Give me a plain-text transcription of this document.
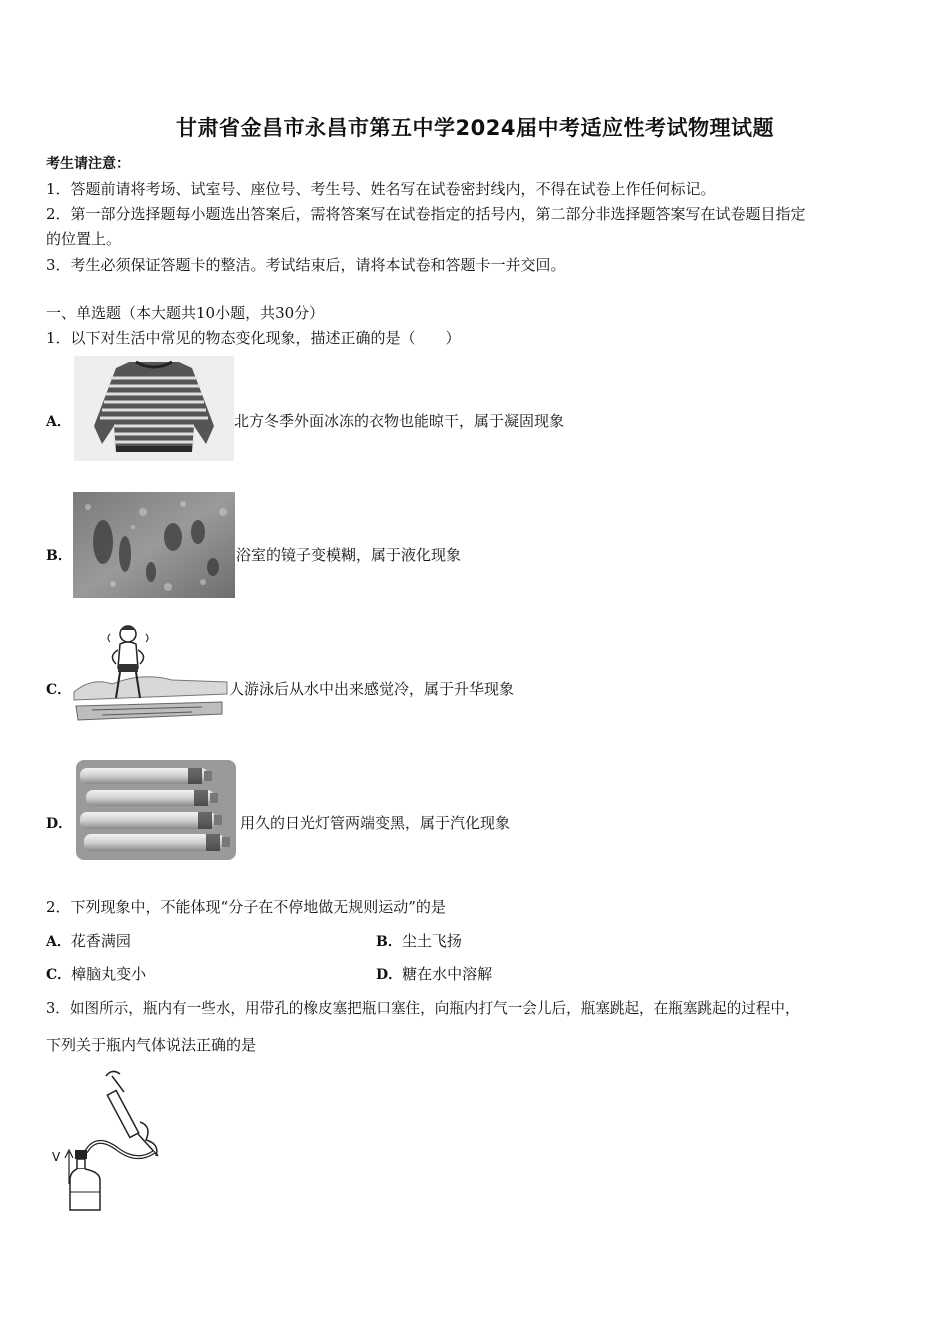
甘肃省金昌市永昌市第五中学2024届中考适应性考试物理试题
考生请注意：
1．答题前请将考场、试室号、座位号、考生号、姓名写在试卷密封线内，不得在试卷上作任何标记。
2．第一部分选择题每小题选出答案后，需将答案写在试卷指定的括号内，第二部分非选择题答案写在试卷题目指定
的位置上。
3．考生必须保证答题卡的整洁。考试结束后，请将本试卷和答题卡一并交回。
一、单选题（本大题共10小题，共30分）
1．以下对生活中常见的物态变化现象，描述正确的是（　　）
A．	北方冬季外面冰冻的衣物也能晾干，属于凝固现象
B．	浴室的镜子变模糊，属于液化现象
C．	人游泳后从水中出来感觉冷，属于升华现象
D．	用久的日光灯管两端变黑，属于汽化现象
2．下列现象中，不能体现“分子在不停地做无规则运动”的是
A．花香满园	B．尘土飞扬
C．樟脑丸变小	D．糖在水中溶解
3．如图所示，瓶内有一些水，用带孔的橡皮塞把瓶口塞住，向瓶内打气一会儿后，瓶塞跳起，在瓶塞跳起的过程中，
下列关于瓶内气体说法正确的是
V
